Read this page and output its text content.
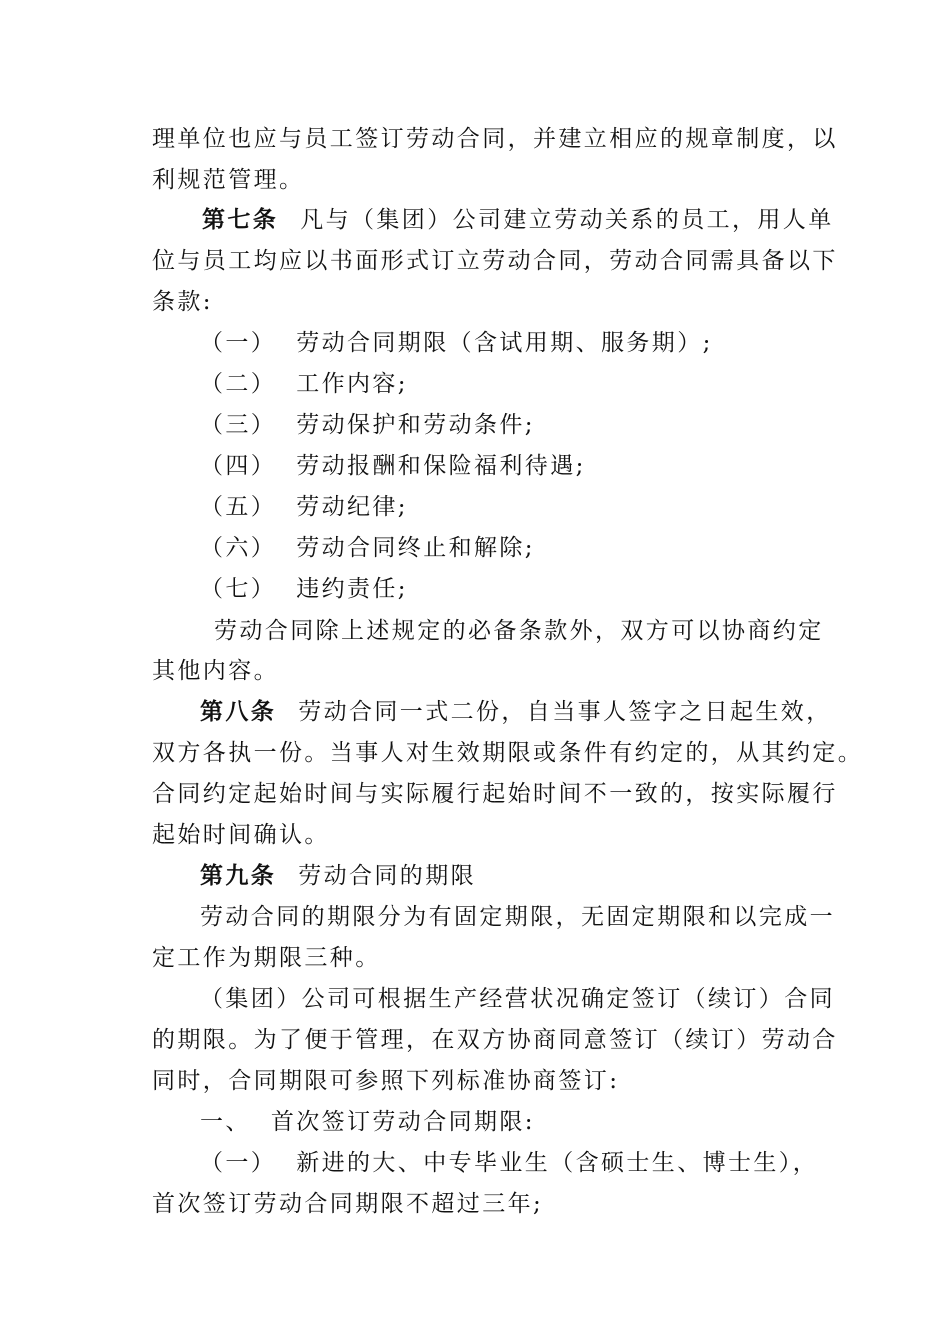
理单位也应与员工签订劳动合同，并建立相应的规章制度，以
利规范管理。
第七条 凡与（集团）公司建立劳动关系的员工，用人单
位与员工均应以书面形式订立劳动合同，劳动合同需具备以下
条款:
（一） 劳动合同期限（含试用期、服务期）;
（二） 工作内容;
（三） 劳动保护和劳动条件;
（四） 劳动报酬和保险福利待遇;
（五） 劳动纪律;
（六） 劳动合同终止和解除;
（七） 违约责任;
劳动合同除上述规定的必备条款外，双方可以协商约定
其他内容。
第八条 劳动合同一式二份，自当事人签字之日起生效，
双方各执一份。当事人对生效期限或条件有约定的，从其约定。
合同约定起始时间与实际履行起始时间不一致的，按实际履行
起始时间确认。
第九条 劳动合同的期限
劳动合同的期限分为有固定期限，无固定期限和以完成一
定工作为期限三种。
（集团）公司可根据生产经营状况确定签订（续订）合同
的期限。为了便于管理，在双方协商同意签订（续订）劳动合
同时，合同期限可参照下列标准协商签订:
一、 首次签订劳动合同期限:
（一） 新进的大、中专毕业生（含硕士生、博士生），
首次签订劳动合同期限不超过三年;
